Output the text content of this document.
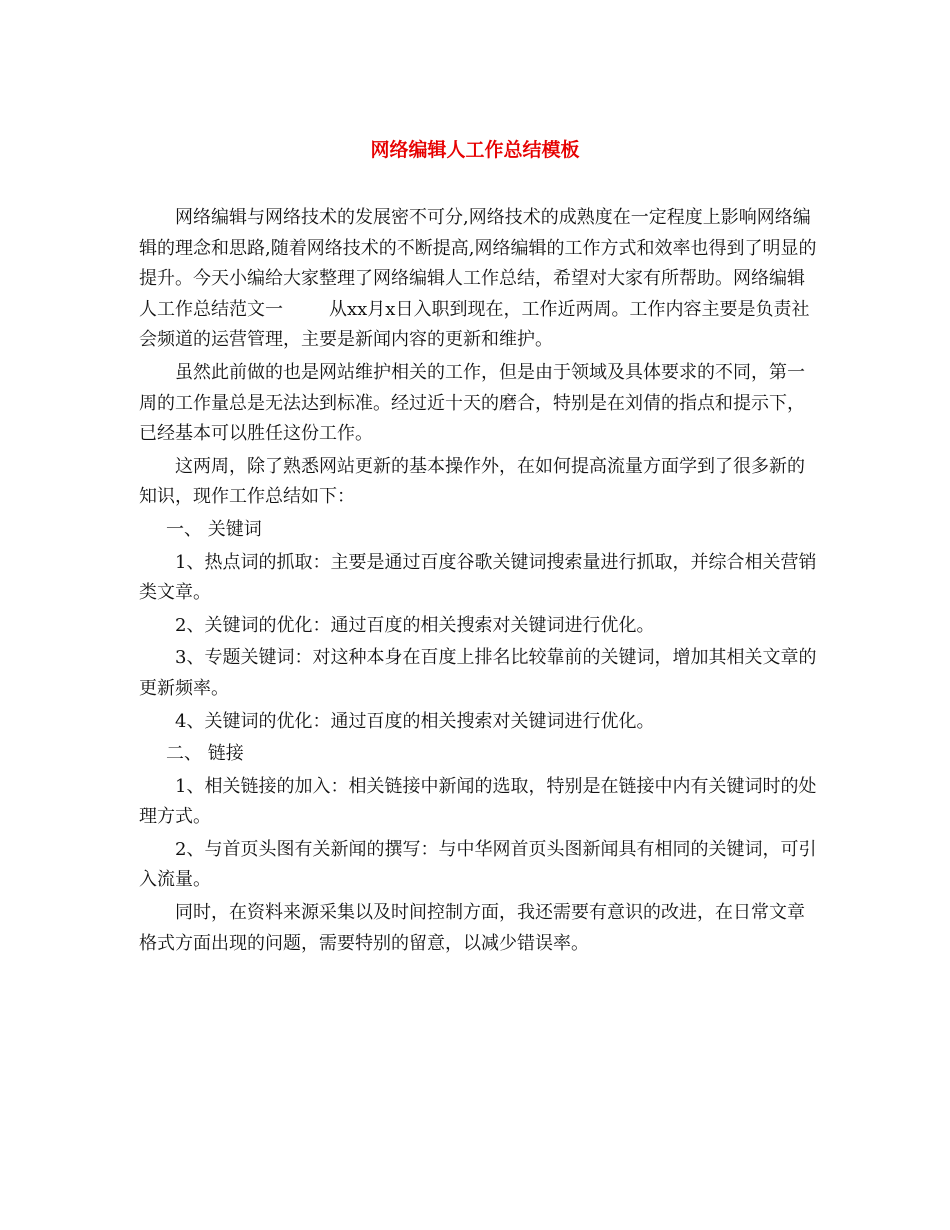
网络编辑人工作总结模板

网络编辑与网络技术的发展密不可分,网络技术的成熟度在一定程度上影响网络编辑的理念和思路,随着网络技术的不断提高,网络编辑的工作方式和效率也得到了明显的提升。今天小编给大家整理了网络编辑人工作总结，希望对大家有所帮助。网络编辑人工作总结范文一	从xx月x日入职到现在，工作近两周。工作内容主要是负责社会频道的运营管理，主要是新闻内容的更新和维护。

虽然此前做的也是网站维护相关的工作，但是由于领域及具体要求的不同，第一周的工作量总是无法达到标准。经过近十天的磨合，特别是在刘倩的指点和提示下，已经基本可以胜任这份工作。

这两周，除了熟悉网站更新的基本操作外，在如何提高流量方面学到了很多新的知识，现作工作总结如下：

一、 关键词

1、热点词的抓取：主要是通过百度谷歌关键词搜索量进行抓取，并综合相关营销类文章。

2、关键词的优化：通过百度的相关搜索对关键词进行优化。

3、专题关键词：对这种本身在百度上排名比较靠前的关键词，增加其相关文章的更新频率。

4、关键词的优化：通过百度的相关搜索对关键词进行优化。

二、 链接

1、相关链接的加入：相关链接中新闻的选取，特别是在链接中内有关键词时的处理方式。

2、与首页头图有关新闻的撰写：与中华网首页头图新闻具有相同的关键词，可引入流量。

同时，在资料来源采集以及时间控制方面，我还需要有意识的改进，在日常文章格式方面出现的问题，需要特别的留意，以减少错误率。
